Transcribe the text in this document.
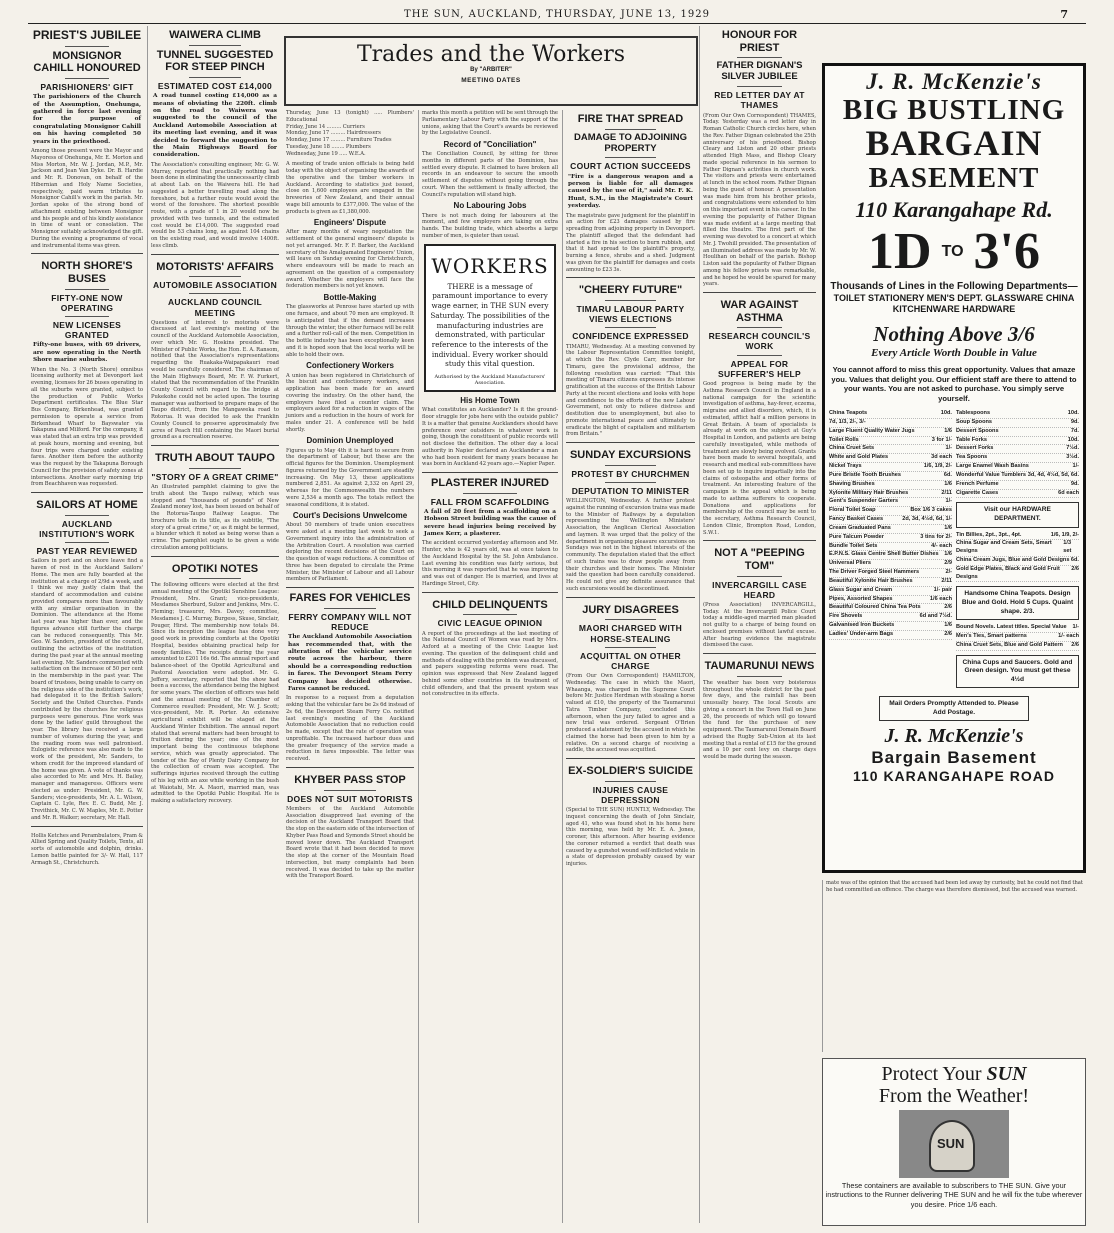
THE SUN, AUCKLAND, THURSDAY, JUNE 13, 1929	7
PRIEST'S JUBILEE
MONSIGNOR CAHILL HONOURED
PARISHIONERS' GIFT
The parishioners of the Church of the Assumption, Onehunga, gathered in force last evening for the purpose of congratulating Monsignor Cahill on his having completed 50 years in the priesthood.
Among those present were the Mayor and Mayoress of Onehunga, Mr. E. Morton and Miss Morton, Mr. W. J. Jordan, M.P., Mr. Jackson and Jean Van Dyke. Dr. B. Hardie and Mr. R. Donovan, on behalf of the Hibernian and Holy Name Societies, respectively, paid warm tributes to Monsignor Cahill's work in the parish. Mr. Jordan spoke of the strong bond of attachment existing between Monsignor and his people and of his kindly assistance in time of want or consolation. The Monsignor suitably acknowledged the gift. During the evening a programme of vocal and instrumental items was given.
NORTH SHORE'S BUSES
FIFTY-ONE NOW OPERATING
NEW LICENSES GRANTED
Fifty-one buses, with 69 drivers, are now operating in the North Shore marine suburbs.
When the No. 3 (North Shore) omnibus licensing authority met at Devonport last evening, licenses for 26 buses operating in all the suburbs were granted, subject to the production of Public Works Department certificates. The Blue Star Bus Company, Birkenhead, was granted permission to operate a service from Birkenhead Wharf to Bayswater via Takapuna and Milford. For the company, it was stated that an extra trip was provided at peak hours, morning and evening, but four trips were charged under existing fares. Another item before the authority was the request by the Takapuna Borough Council for the provision of safety zones at intersections. Another early morning trip from Beachhaven was requested.
SAILORS AT HOME
AUCKLAND INSTITUTION'S WORK
PAST YEAR REVIEWED
Sailors in port and on shore leave find a haven of rest in the Auckland Sailors' Home. The men are fully boarded at the institution at a charge of 2/9d a week, and I think we may justly claim that the standard of accommodation and cuisine provided compares more than favourably with any similar organisation in the Dominion. The attendance at the Home last year was higher than ever, and the figures advance still further the charge can be reduced consequently. This Mr. Geo. W. Sanders, president of the council, outlining the activities of the institution during the past year at the annual meeting last evening. Mr. Sanders commented with satisfaction on the increase of 50 per cent in the membership in the past year. The board of trustees, being unable to carry on the religious side of the institution's work, had delegated it to the British Sailors' Society and the United Churches. Funds contributed by the churches for religious purposes were generous. Fine work was done by the ladies' guild throughout the year. The library has received a large number of volumes during the year, and the reading room was well patronised. Eulogistic reference was also made to the work of the president, Mr. Sanders, to whom credit for the improved standard of the home was given. A vote of thanks was also accorded to Mr. and Mrs. H. Bailey, manager and manageress. Officers were elected as under: President, Mr. G. W. Sanders; vice-presidents, Mr. A. L. Wilson, Captain C. Lyle, Rev. E. C. Budd, Mr. J. Trevithick, Mr. C. W. Maples, Mr. E. Potter and Mr. R. Walker; secretary, Mr. Hall.
Hollis Ketches and Perambulators, Pram & Allied Spring and Quality Toilets, Tents, all sorts of automobile and dolphin, drinks. Lemon battle painted for 3/- W. Hall, 117 Armagh St., Christchurch.
WAIWERA CLIMB
TUNNEL SUGGESTED FOR STEEP PINCH
ESTIMATED COST £14,000
A road tunnel costing £14,000 as a means of obviating the 220ft. climb on the road to Waiwera was suggested to the council of the Auckland Automobile Association at its meeting last evening, and it was decided to forward the suggestion to the Main Highways Board for consideration.
The Association's consulting engineer, Mr. G. W. Murray, reported that practically nothing had been done in eliminating the unnecessarily climb at about Lab. on the Waiwera hill. He had suggested a better travelling road along the foreshore, but a further route would avoid the worst of the foreshore. The shortest possible route, with a grade of 1 in 20 would now be provided with two tunnels, and the estimated cost would be £14,000. The suggested road would be 53 chains long, as against 104 chains on the existing road, and would involve 1400ft. less climb.
MOTORISTS' AFFAIRS
AUTOMOBILE ASSOCIATION
AUCKLAND COUNCIL MEETING
Questions of interest to motorists were discussed at last evening's meeting of the council of the Auckland Automobile Association, over which Mr. G. Hoskins presided. The Minister of Public Works, the Hon. E. A. Ransom, notified that the Association's representations regarding the Ruakaka-Waipapakauri road would be carefully considered. The chairman of the Main Highways Board, Mr. F. W. Furkert, stated that the recommendation of the Franklin County Council with regard to the bridge at Pukekohe could not be acted upon. The touring manager was authorised to prepare maps of the Taupo district, from the Mangaweka road to Rotorua. It was decided to ask the Franklin County Council to preserve approximately five acres of Peach Hill containing the Maori burial ground as a recreation reserve.
TRUTH ABOUT TAUPO
"STORY OF A GREAT CRIME"
An illustrated pamphlet claiming to give the truth about the Taupo railway, which was stopped and "thousands of pounds" of New Zealand money lost, has been issued on behalf of the Rotorua-Taupo Railway League. The brochure tells in its title, as its subtitle, "The story of a great crime," or, as it might be termed, a blunder which it noted as being worse than a crime. The pamphlet ought to be given a wide circulation among politicians.
OPOTIKI NOTES
The following officers were elected at the first annual meeting of the Opotiki Sunshine League: President, Mrs. Grant; vice-presidents, Mesdames Sherburd, Sulzer and Jenkins, Mrs. C. Fleming; treasurer, Mrs. Davey; committee, Mesdames J. C. Murray, Burgess, Skuse, Sinclair, Pouger, Hirst. The membership now totals 84. Since its inception the league has done very good work in providing comforts at the Opotiki Hospital, besides obtaining practical help for needy families. The receipts during the year amounted to £201 16s 6d. The annual report and balance-sheet of the Opotiki Agricultural and Pastoral Association were adopted. Mr. G. Jeffery, secretary, reported that the show had been a success, the attendance being the highest for some years. The election of officers was held and the annual meeting of the Chamber of Commerce resulted: President, Mr. W. J. Scott; vice-president, Mr. R. Porter. An extensive agricultural exhibit will be staged at the Auckland Winter Exhibition. The annual report stated that several matters had been brought to fruition during the year; one of the most important being the continuous telephone service, which was greatly appreciated. The tender of the Bay of Plenty Dairy Company for the collection of cream was accepted. The sufferings injuries received through the cutting of his leg with an axe while working in the bush at Waiotahi, Mr. A. Maori, married man, was admitted to the Opotiki Public Hospital. He is making a satisfactory recovery.
Trades and the Workers
By "ARBITER"
MEETING DATES
Thursday, June 13 (tonight) ..... Plumbers' Educational
Friday, June 14 ......... Curriers
Monday, June 17 ......... Hairdressers
Monday, June 17 ......... Furniture Trades
Tuesday, June 18 ........ Plumbers
Wednesday, June 19 ..... W.E.A.
A meeting of trade union officials is being held today with the object of organising the awards of the operative and the timber workers in Auckland. According to statistics just issued, close on 1,600 employees are engaged in the breweries of New Zealand, and their annual wage bill amounts to £377,000. The value of the products is given as £1,380,000.
Engineers' Dispute
After many months of weary negotiation the settlement of the general engineers' dispute is not yet arranged. Mr. F. F. Barker, the Auckland secretary of the Amalgamated Engineers' Union, will leave on Sunday evening for Christchurch, where endeavours will be made to reach an agreement on the question of a compensatory award. Whether the employers will face the federation members is not yet known.
Bottle-Making
The glassworks at Penrose have started up with one furnace, and about 70 men are employed. It is anticipated that if the demand increases through the winter, the other furnace will be relit and a further roll-call of the men. Competition in the bottle industry has been exceptionally keen and it is hoped soon that the local works will be able to hold their own.
Confectionery Workers
A union has been registered in Christchurch of the biscuit and confectionery workers, and application has been made for an award covering the industry. On the other hand, the employers have filed a counter claim. The employers asked for a reduction in wages of the juniors and a reduction in the hours of work for males under 21. A conference will be held shortly.
Dominion Unemployed
Figures up to May 4th it is hard to secure from the department of Labour, but these are the official figures for the Dominion. Unemployment figures returned by the Government are steadily increasing. On May 13, these applications numbered 2,851. As against 2,332 on April 29, whereas for the Commonwealth the numbers were 2,534 a month ago. The totals reflect the seasonal conditions, it is stated.
Court's Decisions Unwelcome
About 50 members of trade union executives were asked at a meeting last week to seek a Government inquiry into the administration of the Arbitration Court. A resolution was carried deploring the recent decisions of the Court on the question of wage reductions. A committee of three has been deputed to circulate the Prime Minister, the Minister of Labour and all Labour members of Parliament.
FARES FOR VEHICLES
FERRY COMPANY WILL NOT REDUCE
The Auckland Automobile Association has recommended that, with the alteration of the vehicular service route across the harbour, there should be a corresponding reduction in fares. The Devonport Steam Ferry Company has decided otherwise. Fares cannot be reduced.
In response to a request from a deputation asking that the vehicular fare be 2s 6d instead of 2s 6d, the Devonport Steam Ferry Co. notified last evening's meeting of the Auckland Automobile Association that no reduction could be made, except that the rate of operation was unprofitable. The increased harbour dues and the greater frequency of the service made a reduction in fares impossible. The letter was received.
KHYBER PASS STOP
DOES NOT SUIT MOTORISTS
Members of the Auckland Automobile Association disapproved last evening of the decision of the Auckland Transport Board that the stop on the eastern side of the intersection of Khyber Pass Road and Symonds Street should be moved lower down. The Auckland Transport Board wrote that it had been decided to move the stop at the corner of the Mountain Road intersection, but many complaints had been received. It was decided to take up the matter with the Transport Board.
marks this month a petition will be sent through the Parliamentary Labour Party with the support of the unions, asking that the Court's awards be reviewed by the Legislative Council.
Record of "Conciliation"
The Conciliation Council, by sitting for three months in different parts of the Dominion, has settled every dispute. It claimed to have broken all records in an endeavour to secure the smooth settlement of disputes without going through the court. When the settlement is finally affected, the Council's reputation will stand high.
No Labouring Jobs
There is not much doing for labourers at the moment, and few employers are taking on extra hands. The building trade, which absorbs a large number of men, is quieter than usual.
WORKERS
THERE is a message of paramount importance to every wage earner, in THE SUN every Saturday. The possibilities of the manufacturing industries are demonstrated, with particular reference to the interests of the individual. Every worker should study this vital question.
Authorised by the Auckland Manufacturers' Association.
His Home Town
What constitutes an Aucklander? Is it the ground-floor struggle for jobs here with the outside public? It is a matter that genuine Aucklanders should have preference over outsiders in whatever work is going, though the constituent of public records will not disclose the definition. The other day a local authority in Napier declared an Aucklander a man who had been resident for many years because he was born in Auckland 42 years ago.—Napier Paper.
PLASTERER INJURED
FALL FROM SCAFFOLDING
A fall of 20 feet from a scaffolding on a Hobson Street building was the cause of severe head injuries being received by James Kerr, a plasterer.
The accident occurred yesterday afternoon and Mr. Hunter, who is 42 years old, was at once taken to the Auckland Hospital by the St. John Ambulance. Last evening his condition was fairly serious, but this morning it was reported that he was improving and was out of danger. He is married, and lives at Hardinge Street, City.
CHILD DELINQUENTS
CIVIC LEAGUE OPINION
A report of the proceedings at the last meeting of the National Council of Women was read by Mrs. Axford at a meeting of the Civic League last evening. The question of the delinquent child and methods of dealing with the problem was discussed, and papers suggesting reforms were read. The opinion was expressed that New Zealand lagged behind some other countries in its treatment of child offenders, and that the present system was not constructive in its effects.
FIRE THAT SPREAD
DAMAGE TO ADJOINING PROPERTY
COURT ACTION SUCCEEDS
"Fire is a dangerous weapon and a person is liable for all damages caused by the use of it," said Mr. F. K. Hunt, S.M., in the Magistrate's Court yesterday.
The magistrate gave judgment for the plaintiff in an action for £23 damages caused by fire spreading from adjoining property in Devonport. The plaintiff alleged that the defendant had started a fire in his section to burn rubbish, and that it had spread to the plaintiff's property, burning a fence, shrubs and a shed. Judgment was given for the plaintiff for damages and costs amounting to £23 3s.
"CHEERY FUTURE"
TIMARU LABOUR PARTY VIEWS ELECTIONS
CONFIDENCE EXPRESSED
TIMARU, Wednesday. At a meeting convened by the Labour Representation Committee tonight, at which the Rev. Clyde Carr, member for Timaru, gave the provisional address, the following resolution was carried: "That this meeting of Timaru citizens expresses its intense gratification at the success of the British Labour Party at the recent elections and looks with hope and confidence to the efforts of the new Labour Government, not only to relieve distress and destitution due to unemployment, but also to promote international peace and ultimately to eradicate the blight of capitalism and militarism from Britain."
SUNDAY EXCURSIONS
PROTEST BY CHURCHMEN
DEPUTATION TO MINISTER
WELLINGTON, Wednesday. A further protest against the running of excursion trains was made to the Minister of Railways by a deputation representing the Wellington Ministers' Association, the Anglican Clerical Association and laymen. It was urged that the policy of the department in organising pleasure excursions on Sundays was not in the highest interests of the community. The deputation stated that the effect of such trains was to draw people away from their churches and their homes. The Minister said the question had been carefully considered. He could not give any definite assurance that such excursions would be discontinued.
JURY DISAGREES
MAORI CHARGED WITH HORSE-STEALING
ACQUITTAL ON OTHER CHARGE
(From Our Own Correspondent) HAMILTON, Wednesday. The case in which the Maori, Whaanga, was charged in the Supreme Court before Mr. Justice Herdman with stealing a horse valued at £10, the property of the Taumarunui Tatra Timber Company, concluded this afternoon, when the jury failed to agree and a new trial was ordered. Sergeant O'Brien produced a statement by the accused in which he claimed the horse had been given to him by a relative. On a second charge of receiving a saddle, the accused was acquitted.
EX-SOLDIER'S SUICIDE
INJURIES CAUSE DEPRESSION
(Special to THE SUN) HUNTLY, Wednesday. The inquest concerning the death of John Sinclair, aged 41, who was found shot in his home here this morning, was held by Mr. E. A. Jones, coroner, this afternoon. After hearing evidence the coroner returned a verdict that death was caused by a gunshot wound self-inflicted while in a state of depression probably caused by war injuries.
HONOUR FOR PRIEST
FATHER DIGNAN'S SILVER JUBILEE
RED LETTER DAY AT THAMES
(From Our Own Correspondent) THAMES, Today. Yesterday was a red letter day in Roman Catholic Church circles here, when the Rev. Father Dignan celebrated the 25th anniversary of his priesthood. Bishop Cleary and Liston and 20 other priests attended High Mass, and Bishop Cleary made special reference in his sermon to Father Dignan's activities in church work. The visitors and priests were entertained at lunch in the school room. Father Dignan being the guest of honour. A presentation was made him from his brother priests, and congratulations were extended to him on this important event in his career. In the evening the popularity of Father Dignan was made evident at a large meeting that filled the theatre. The first part of the evening was devoted to a concert at which Mr. J. Twohill presided. The presentation of an illuminated address was made by Mr. W. Houlihan on behalf of the parish. Bishop Liston said the popularity of Father Dignan among his fellow priests was remarkable, and he hoped he would be spared for many years.
WAR AGAINST ASTHMA
RESEARCH COUNCIL'S WORK
APPEAL FOR SUFFERER'S HELP
Good progress is being made by the Asthma Research Council in England in a national campaign for the scientific investigation of asthma, hay-fever, eczema, migraine and allied disorders, which, it is estimated, afflict half a million persons in Great Britain. A team of specialists is already at work on the subject at Guy's Hospital in London, and patients are being carefully investigated, while methods of treatment are slowly being evolved. Grants have been made to several hospitals, and research and medical sub-committees have been set up to inquire impartially into the claims of osteopaths and other forms of treatment. An interesting feature of the campaign is the appeal which is being made to asthma sufferers to cooperate. Donations and applications for membership of the council may be sent to the secretary, Asthma Research Council, London Clinic, Brompton Road, London, S.W.1.
NOT A "PEEPING TOM"
INVERCARGILL CASE HEARD
(Press Association) INVERCARGILL, Today. At the Invercargill Police Court today a middle-aged married man pleaded not guilty to a charge of being found on enclosed premises without lawful excuse. After hearing evidence the magistrate dismissed the case.
TAUMARUNUI NEWS
The weather has been very boisterous throughout the whole district for the past few days, and the rainfall has been unusually heavy. The local Scouts are giving a concert in the Town Hall on June 26, the proceeds of which will go toward the fund for the purchase of new equipment. The Taumarunui Domain Board advised the Rugby Sub-Union at its last meeting that a rental of £15 for the ground and a 10 per cent levy on charge days would be made during the season.
mate was of the opinion that the accused had been led away by curiosity, but he could not find that he had committed an offence. The charge was therefore dismissed, but the accused was warned.
J. R. McKenzie's
BIG BUSTLING
BARGAIN
BASEMENT
110 Karangahape Rd.
1D TO 3'6
Thousands of Lines in the Following Departments—
TOILET STATIONERY MEN'S DEPT. GLASSWARE CHINA KITCHENWARE HARDWARE
Nothing Above 3/6
Every Article Worth Double in Value
You cannot afford to miss this great opportunity. Values that amaze you. Values that delight you. Our efficient staff are there to attend to your wants. You are not asked to purchase. You simply serve yourself.
China Teapots	10d.
7d, 1/3, 2/-, 3/-
Large Fluent Quality Water Jugs	1/6
Toilet Rolls	3 for 1/-
China Cruet Sets	1/-
White and Gold Plates	3d each
Nickel Trays	1/6, 1/9, 2/-
Pure Bristle Tooth Brushes	6d.
Shaving Brushes	1/6
Xylonite Military Hair Brushes	2/11
Gent's Suspender Garters	1/-
Floral Toilet Soap	Box 1/6 3 cakes
Fancy Basket Cases	2d, 3d, 4½d, 6d, 1/-
Cream Graduated Pans	1/6
Pure Talcum Powder	3 tins for 2/-
Bundle Toilet Sets	4/- each
E.P.N.S. Glass Centre Shell Butter Dishes 1/6
Universal Pliers	2/9
The Driver Forged Steel Hammers	2/-
Beautiful Xylonite Hair Brushes	2/11
Glass Sugar and Cream	1/- pair
Pipes, Assorted Shapes	1/6 each
Beautiful Coloured China Tea Pots	2/6
Fire Shovels	6d and 7½d.
Galvanised Iron Buckets	1/6
Ladies' Under-arm Bags	2/6
Tablespoons	10d.
Soup Spoons	9d.
Dessert Spoons	7d.
Table Forks	10d.
Dessert Forks	7½d.
Tea Spoons	3½d.
Large Enamel Wash Basins	1/-
Wonderful Value Tumblers 3d, 4d, 4½d, 5d, 6d.
French Perfume	9d.
Cigarette Cases	6d each
Visit our HARDWARE DEPARTMENT.
Tin Billies, 2pt., 3pt., 4pt.	1/6, 1/9, 2/-
China Sugar and Cream Sets, Smart Designs
1/3 set
China Cream Jugs, Blue and Gold Designs 6d.
Gold Edge Plates, Black and Gold Fruit Designs
2/6
Handsome China Teapots. Design Blue and Gold. Hold 5 Cups. Quaint shape. 2/3.
Bound Novels. Latest titles. Special Value 1/-
Men's Ties, Smart patterns	1/- each
China Cruet Sets, Blue and Gold Pattern 2/6
China Cups and Saucers. Gold and Green design. You must get these 4½d
Mail Orders Promptly Attended to. Please Add Postage.
J. R. McKenzie's
Bargain Basement
110 KARANGAHAPE ROAD
Protect Your SUN
From the Weather!
SUN
These containers are available to subscribers to THE SUN. Give your instructions to the Runner delivering THE SUN and he will fix the tube wherever you desire. Price 1/6 each.
